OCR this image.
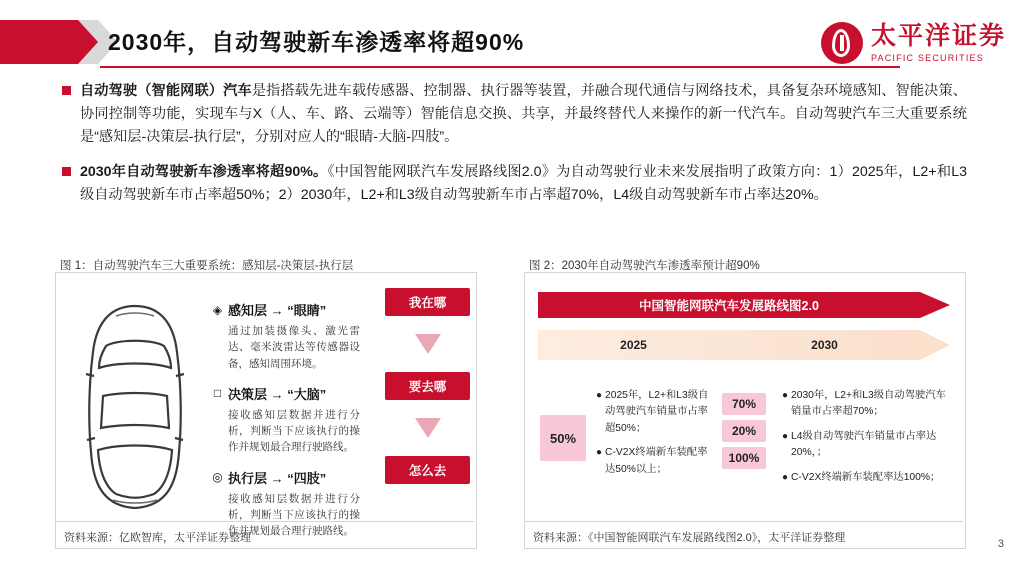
2030年，自动驾驶新车渗透率将超90%	太平洋证券
PACIFIC SECURITIES
自动驾驶（智能网联）汽车是指搭载先进车载传感器、控制器、执行器等装置，并融合现代通信与网络技术，具备复杂环境感知、智能决策、协同控制等功能，实现车与X（人、车、路、云端等）智能信息交换、共享，并最终替代人来操作的新一代汽车。自动驾驶汽车三大重要系统是“感知层-决策层-执行层”，分别对应人的“眼睛-大脑-四肢”。
2030年自动驾驶新车渗透率将超90%。《中国智能网联汽车发展路线图2.0》为自动驾驶行业未来发展指明了政策方向：1）2025年，L2+和L3级自动驾驶新车市占率超50%；2）2030年，L2+和L3级自动驾驶新车市占率超70%，L4级自动驾驶新车市占率达20%。
图 1：自动驾驶汽车三大重要系统：感知层-决策层-执行层
资料来源：亿欧智库，太平洋证券整理
◈ 感知层 → “眼睛”
通过加装摄像头、激光雷达、毫米波雷达等传感器设备，感知周围环境。
□ 决策层 → “大脑”
接收感知层数据并进行分析，判断当下应该执行的操作并规划最合理行驶路线。
◎ 执行层 → “四肢”
接收感知层数据并进行分析，判断当下应该执行的操作并规划最合理行驶路线。
我在哪
要去哪
怎么去
图 2：2030年自动驾驶汽车渗透率预计超90%
资料来源：《中国智能网联汽车发展路线图2.0》，太平洋证券整理
中国智能网联汽车发展路线图2.0
2025	2030
50%
● 2025年，L2+和L3级自动驾驶汽车销量市占率超50%；
● C-V2X终端新车装配率达50%以上；
70%
20%
100%
● 2030年，L2+和L3级自动驾驶汽车销量市占率超70%；
● L4级自动驾驶汽车销量市占率达20%，；
● C-V2X终端新车装配率达100%；
3
